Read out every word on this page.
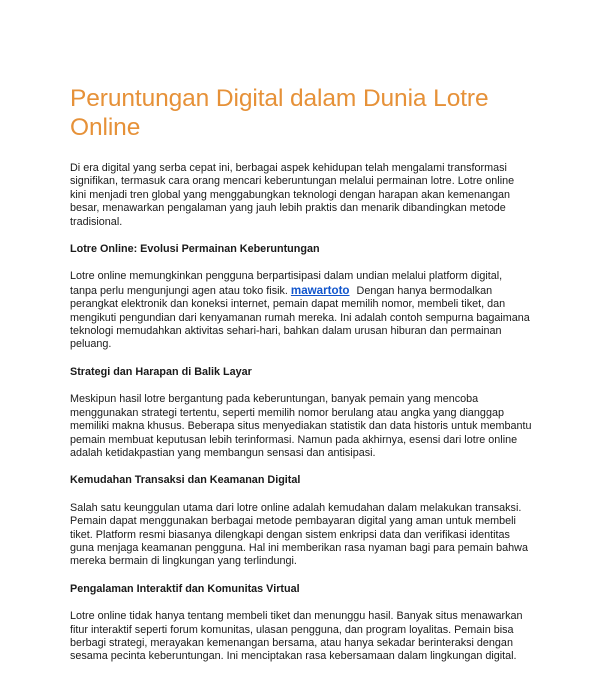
Peruntungan Digital dalam Dunia Lotre Online

Di era digital yang serba cepat ini, berbagai aspek kehidupan telah mengalami transformasi signifikan, termasuk cara orang mencari keberuntungan melalui permainan lotre. Lotre online kini menjadi tren global yang menggabungkan teknologi dengan harapan akan kemenangan besar, menawarkan pengalaman yang jauh lebih praktis dan menarik dibandingkan metode tradisional.

Lotre Online: Evolusi Permainan Keberuntungan

Lotre online memungkinkan pengguna berpartisipasi dalam undian melalui platform digital, tanpa perlu mengunjungi agen atau toko fisik. mawartoto Dengan hanya bermodalkan perangkat elektronik dan koneksi internet, pemain dapat memilih nomor, membeli tiket, dan mengikuti pengundian dari kenyamanan rumah mereka. Ini adalah contoh sempurna bagaimana teknologi memudahkan aktivitas sehari-hari, bahkan dalam urusan hiburan dan permainan peluang.

Strategi dan Harapan di Balik Layar

Meskipun hasil lotre bergantung pada keberuntungan, banyak pemain yang mencoba menggunakan strategi tertentu, seperti memilih nomor berulang atau angka yang dianggap memiliki makna khusus. Beberapa situs menyediakan statistik dan data historis untuk membantu pemain membuat keputusan lebih terinformasi. Namun pada akhirnya, esensi dari lotre online adalah ketidakpastian yang membangun sensasi dan antisipasi.

Kemudahan Transaksi dan Keamanan Digital

Salah satu keunggulan utama dari lotre online adalah kemudahan dalam melakukan transaksi. Pemain dapat menggunakan berbagai metode pembayaran digital yang aman untuk membeli tiket. Platform resmi biasanya dilengkapi dengan sistem enkripsi data dan verifikasi identitas guna menjaga keamanan pengguna. Hal ini memberikan rasa nyaman bagi para pemain bahwa mereka bermain di lingkungan yang terlindungi.

Pengalaman Interaktif dan Komunitas Virtual

Lotre online tidak hanya tentang membeli tiket dan menunggu hasil. Banyak situs menawarkan fitur interaktif seperti forum komunitas, ulasan pengguna, dan program loyalitas. Pemain bisa berbagi strategi, merayakan kemenangan bersama, atau hanya sekadar berinteraksi dengan sesama pecinta keberuntungan. Ini menciptakan rasa kebersamaan dalam lingkungan digital.
